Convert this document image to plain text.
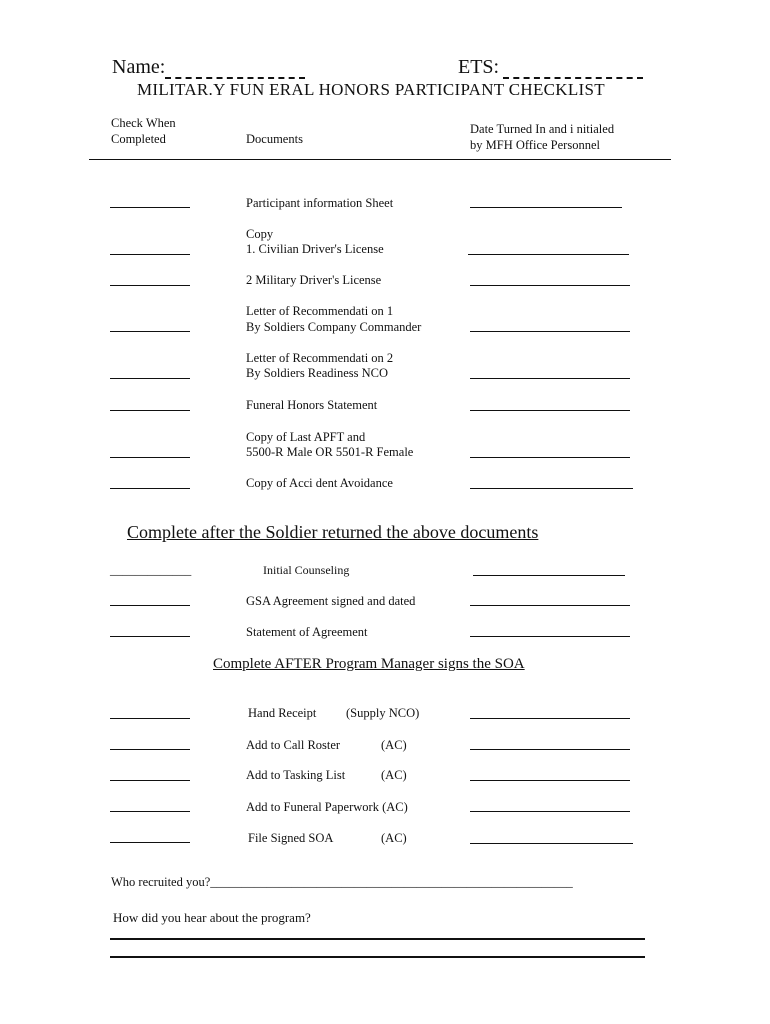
Name:	ETS:
MILITAR.Y FUN ERAL HONORS PARTICIPANT CHECKLIST
Check When
Completed	Documents
Date Turned In and i nitialed
by MFH Office Personnel
Participant information Sheet
Copy
1. Civilian Driver's License
2 Military Driver's License
Letter of Recommendati on 1
By Soldiers Company Commander
Letter of Recommendati on 2
By Soldiers Readiness NCO
Funeral Honors Statement
Copy of Last APFT and
5500-R Male OR 5501-R Female
Copy of Acci dent Avoidance
Complete after the Soldier returned the above documents
_____________	Initial Counseling
GSA Agreement signed and dated
Statement of Agreement
Complete AFTER Program Manager signs the SOA
Hand Receipt (Supply NCO)
Add to Call Roster	(AC)
Add to Tasking List	(AC)
Add to Funeral Paperwork (AC)
File Signed SOA	(AC)
Who recruited you?__________________________________________________________
How did you hear about the program?
